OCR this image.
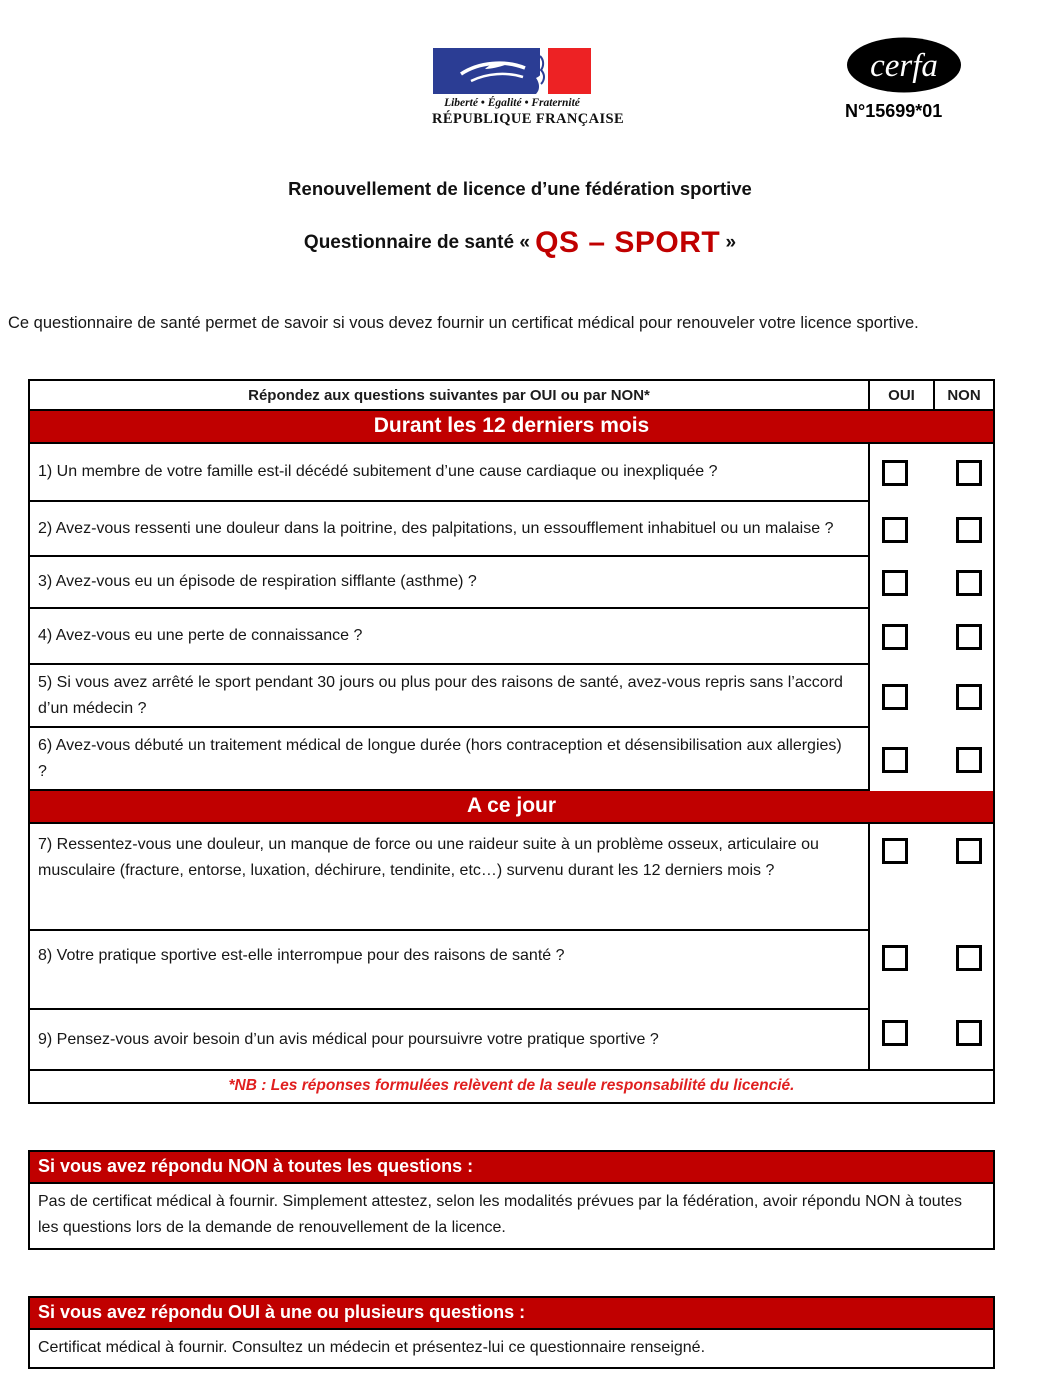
Liberté • Égalité • Fraternité
RÉPUBLIQUE FRANÇAISE
cerfa
N°15699*01
Renouvellement de licence d’une fédération sportive
Questionnaire de santé « QS – SPORT »
Ce questionnaire de santé permet de savoir si vous devez fournir un certificat médical pour renouveler votre licence sportive.
Répondez aux questions suivantes par OUI ou par NON*	OUI	NON
Durant les 12 derniers mois
1) Un membre de votre famille est-il décédé subitement d’une cause cardiaque ou inexpliquée ?
2) Avez-vous ressenti une douleur dans la poitrine, des palpitations, un essoufflement inhabituel ou un malaise ?
3) Avez-vous eu un épisode de respiration sifflante (asthme) ?
4) Avez-vous eu une perte de connaissance ?
5) Si vous avez arrêté le sport pendant 30 jours ou plus pour des raisons de santé, avez-vous repris sans l’accord d’un médecin ?
6) Avez-vous débuté un traitement médical de longue durée (hors contraception et désensibilisation aux allergies) ?
A ce jour
7) Ressentez-vous une douleur, un manque de force ou une raideur suite à un problème osseux, articulaire ou musculaire (fracture, entorse, luxation, déchirure, tendinite, etc…) survenu durant les 12 derniers mois ?
8) Votre pratique sportive est-elle interrompue pour des raisons de santé ?
9) Pensez-vous avoir besoin d’un avis médical pour poursuivre votre pratique sportive ?
*NB : Les réponses formulées relèvent de la seule responsabilité du licencié.
Si vous avez répondu NON à toutes les questions :
Pas de certificat médical à fournir. Simplement attestez, selon les modalités prévues par la fédération, avoir répondu NON à toutes les questions lors de la demande de renouvellement de la licence.
Si vous avez répondu OUI à une ou plusieurs questions :
Certificat médical à fournir. Consultez un médecin et présentez-lui ce questionnaire renseigné.
